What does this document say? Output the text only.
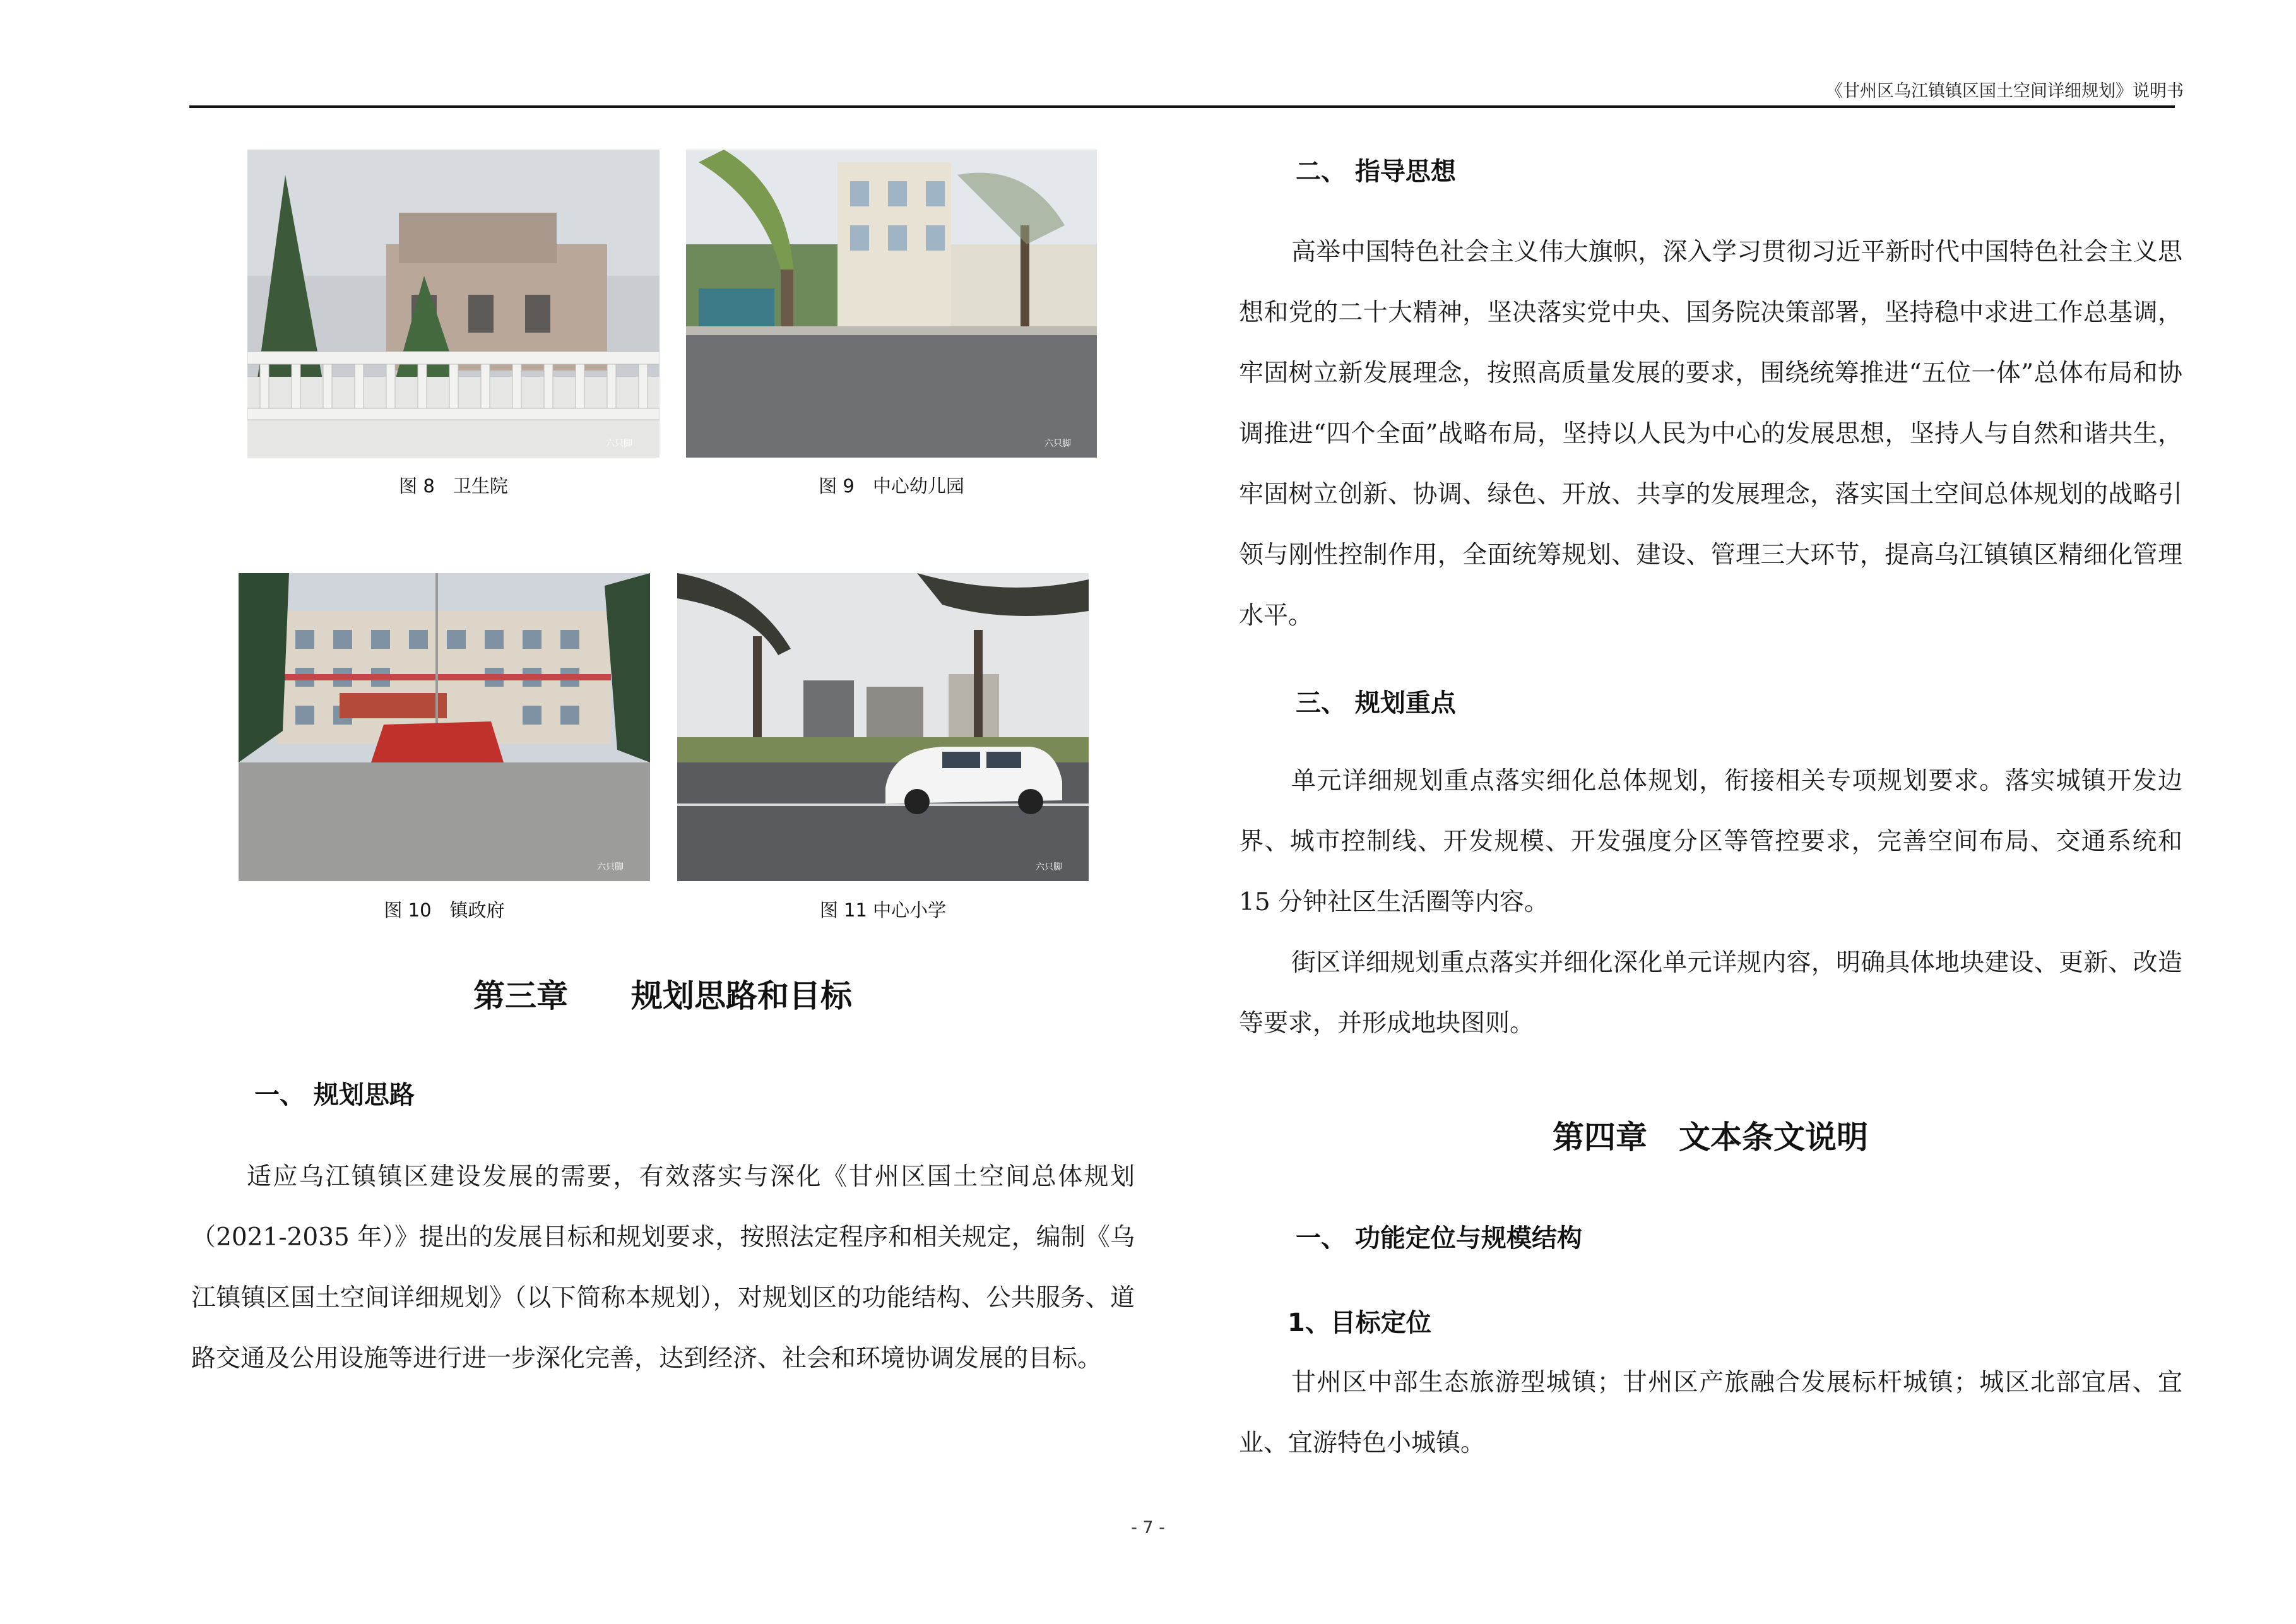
《甘州区乌江镇镇区国土空间详细规划》说明书
六只脚
图 8　卫生院
六只脚
图 9　中心幼儿园
六只脚
图 10　镇政府
六只脚
图 11 中心小学
第三章　　规划思路和目标
一、 规划思路
适应乌江镇镇区建设发展的需要，有效落实与深化《甘州区国土空间总体规划（2021-2035 年）》提出的发展目标和规划要求，按照法定程序和相关规定，编制《乌江镇镇区国土空间详细规划》（以下简称本规划），对规划区的功能结构、公共服务、道路交通及公用设施等进行进一步深化完善，达到经济、社会和环境协调发展的目标。
二、 指导思想
高举中国特色社会主义伟大旗帜，深入学习贯彻习近平新时代中国特色社会主义思想和党的二十大精神，坚决落实党中央、国务院决策部署，坚持稳中求进工作总基调，牢固树立新发展理念，按照高质量发展的要求，围绕统筹推进“五位一体”总体布局和协调推进“四个全面”战略布局，坚持以人民为中心的发展思想，坚持人与自然和谐共生，牢固树立创新、协调、绿色、开放、共享的发展理念，落实国土空间总体规划的战略引领与刚性控制作用，全面统筹规划、建设、管理三大环节，提高乌江镇镇区精细化管理水平。
三、 规划重点
单元详细规划重点落实细化总体规划，衔接相关专项规划要求。落实城镇开发边界、城市控制线、开发规模、开发强度分区等管控要求，完善空间布局、交通系统和 15 分钟社区生活圈等内容。
街区详细规划重点落实并细化深化单元详规内容，明确具体地块建设、更新、改造等要求，并形成地块图则。
第四章　文本条文说明
一、 功能定位与规模结构
1、目标定位
甘州区中部生态旅游型城镇；甘州区产旅融合发展标杆城镇；城区北部宜居、宜业、宜游特色小城镇。
- 7 -
